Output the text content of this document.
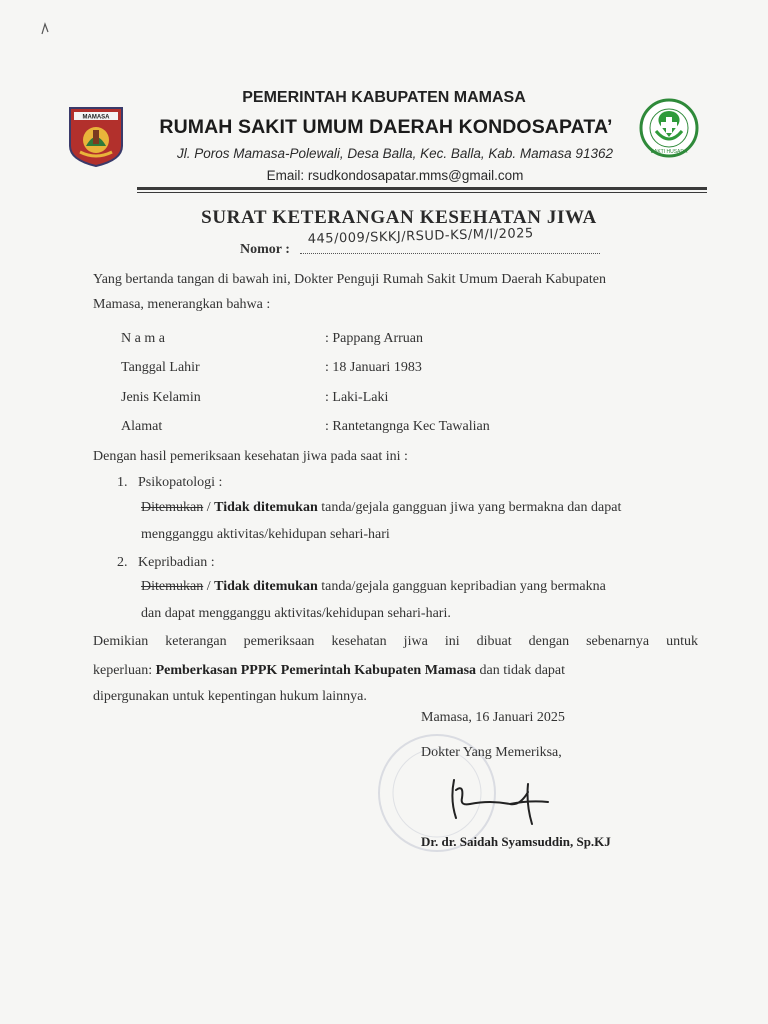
MAMASA
BAKTI HUSADA
PEMERINTAH KABUPATEN MAMASA
RUMAH SAKIT UMUM DAERAH KONDOSAPATA’
Jl. Poros Mamasa-Polewali, Desa Balla, Kec. Balla, Kab. Mamasa 91362
Email: rsudkondosapatar.mms@gmail.com
SURAT KETERANGAN KESEHATAN JIWA
Nomor :
445/009/SKKJ/RSUD-KS/M/I/2025
Yang bertanda tangan di bawah ini, Dokter Penguji Rumah Sakit Umum Daerah Kabupaten
Mamasa, menerangkan bahwa :
N a m a	: Pappang Arruan
Tanggal Lahir	: 18 Januari 1983
Jenis Kelamin	: Laki-Laki
Alamat	: Rantetangnga Kec Tawalian
Dengan hasil pemeriksaan kesehatan jiwa pada saat ini :
1.   Psikopatologi :
Ditemukan / Tidak ditemukan tanda/gejala gangguan jiwa yang bermakna dan dapat
mengganggu aktivitas/kehidupan sehari-hari
2.   Kepribadian :
Ditemukan / Tidak ditemukan tanda/gejala gangguan kepribadian yang bermakna
dan dapat mengganggu aktivitas/kehidupan sehari-hari.
Demikian keterangan pemeriksaan kesehatan jiwa ini dibuat dengan sebenarnya untuk
keperluan: Pemberkasan PPPK Pemerintah Kabupaten Mamasa dan tidak dapat
dipergunakan untuk kepentingan hukum lainnya.
Mamasa, 16 Januari 2025
Dokter Yang Memeriksa,
Dr. dr. Saidah Syamsuddin, Sp.KJ
